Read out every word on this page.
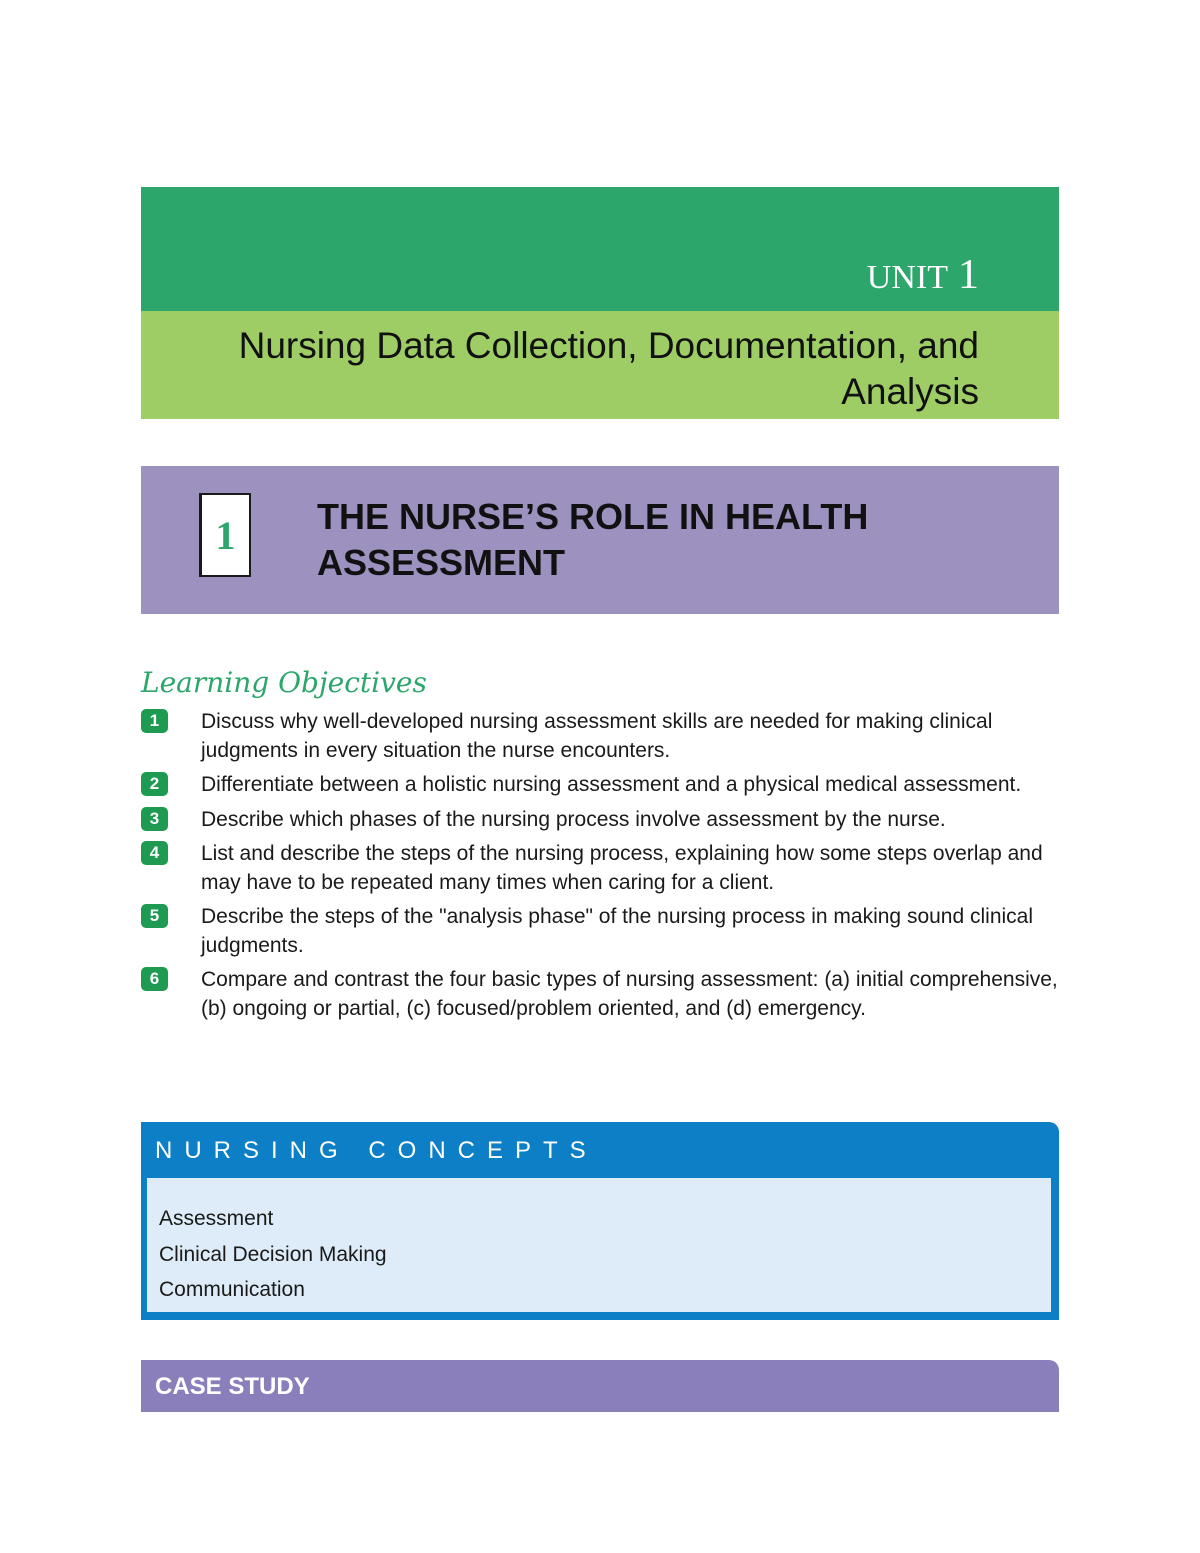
UNIT 1
Nursing Data Collection, Documentation, and Analysis
1	THE NURSE’S ROLE IN HEALTH
ASSESSMENT
Learning Objectives
1	Discuss why well-developed nursing assessment skills are needed for making clinical judgments in every situation the nurse encounters.
2	Differentiate between a holistic nursing assessment and a physical medical assessment.
3	Describe which phases of the nursing process involve assessment by the nurse.
4	List and describe the steps of the nursing process, explaining how some steps overlap and may have to be repeated many times when caring for a client.
5	Describe the steps of the "analysis phase" of the nursing process in making sound clinical judgments.
6	Compare and contrast the four basic types of nursing assessment: (a) initial comprehensive, (b) ongoing or partial, (c) focused/problem oriented, and (d) emergency.
NURSING CONCEPTS
Assessment
Clinical Decision Making
Communication
CASE STUDY
